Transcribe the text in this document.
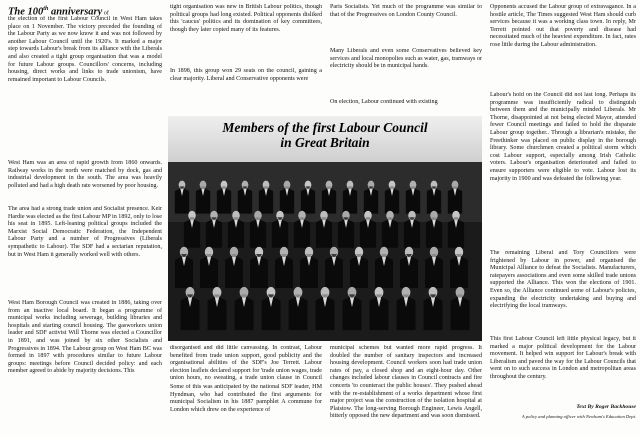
The 100th anniversary of

the election of the first Labour Council in West Ham takes place on 1 November. The victory preceded the founding of the Labour Party as we now know it and was not followed by another Labour Council until the 1920's. It marked a major step towards Labour's break from its alliance with the Liberals and also created a tight group organisation that was a model for future Labour groups. Councillors' concerns, including housing, direct works and links to trade unionism, have remained important to Labour Councils.

West Ham was an area of rapid growth from 1860 onwards. Railway works in the north were matched by dock, gas and industrial development in the south. The area was heavily polluted and had a high death rate worsened by poor housing.

The area had a strong trade union and Socialist presence. Keir Hardie was elected as the first Labour MP in 1892, only to lose his seat in 1895. Left-leaning political groups included the Marxist Social Democratic Federation, the Independent Labour Party and a number of Progressives (Liberals sympathetic to Labour). The SDF had a sectarian reputation, but in West Ham it generally worked well with others.

West Ham Borough Council was created in 1886, taking over from an inactive local board. It began a programme of municipal works including sewerage, building libraries and hospitals and starting council housing. The gasworkers union leader and SDF activist Will Thorne was elected a Councillor in 1891, and was joined by six other Socialists and Progressives in 1894. The Labour group on West Ham BC was formed in 1897 with procedures similar to future Labour groups: meetings before Council decided policy: and each member agreed to abide by majority decisions. This

tight organisation was new in British Labour politics, though political groups had long existed. Political opponents disliked this 'caucus' politics and its domination of key committees, though they later copied many of its features.

In 1898, this group won 29 seats on the council, gaining a clear majority. Liberal and Conservative opponents were

Paris Socialists. Yet much of the programme was similar to that of the Progressives on London County Council.

Many Liberals and even some Conservatives believed key services and local monopolies such as water, gas, tramways or electricity should be in municipal hands.

On election, Labour continued with existing

Members of the first Labour Council
in Great Britain

disorganised and did little canvassing. In contrast, Labour benefited from trade union support, good publicity and the organisational abilities of the SDF's Joe Terrett. Labour election leaflets declared support for 'trade union wages, trade union hours, no sweating, a trade union clause in Council

municipal schemes but wanted more rapid progress. It doubled the number of sanitary inspectors and increased housing development. Council workers soon had trade union rates of pay, a closed shop and an eight-hour day. Other changes included labour clauses in Council contracts and fire concerts 'to counteract the public houses'. They pushed ahead with the re-establishment of a works department whose first major project was the construction of the isolation hospital at Plaistow. The long-serving Borough Engineer, Lewis Angell, bitterly opposed the new department and was soon dismissed.

Opponents accused the Labour group of extravagance. In a hostile article, The Times suggested West Ham should curb services because it was a working class town. In reply, Mr Terrett pointed out that poverty and disease had necessitated much of the heaviest expenditure. In fact, rates rose little during the Labour administration.

Labour's hold on the Council did not last long. Perhaps its programme was insufficiently radical to distinguish between them and the municipally minded Liberals. Mr Thorne, disappointed at not being elected Mayor, attended fewer Council meetings and failed to hold the disparate Labour group together.. Through a librarian's mistake, the Freethinker was placed on public display in the borough library. Some churchmen created a political storm which cost Labour support, especially among Irish Catholic voters. Labour's organisation deteriorated and failed to ensure supporters were eligible to vote. Labour lost its majority in 1900 and was defeated the following year.

The remaining Liberal and Tory Councillors were frightened by Labour in power, and organised the Municipal Alliance to defeat the Socialists. Manufacturers, ratepayers associations and even some skilled trade unions supported the Alliance. This won the elections of 1901. Even so, the Alliance continued some of Labour's policies, expanding the electricity undertaking and buying and electrifying the local tramways.

This first Labour Council left little physical legacy, but it marked a major political development for the Labour movement. It helped win support for Labour's break with Liberalism and paved the way for the Labour Councils that went on to such success in London and metropolitan areas throughout the century.

Text By Roger Backhouse

A policy and planning officer with Newham's Education Dept.

Some of this was anticipated by the national SDF leader, HM Hyndman, who had contributed the first arguments for municipal Socialism in his 1887 pamphlet A commune for London which drew on the experience of
